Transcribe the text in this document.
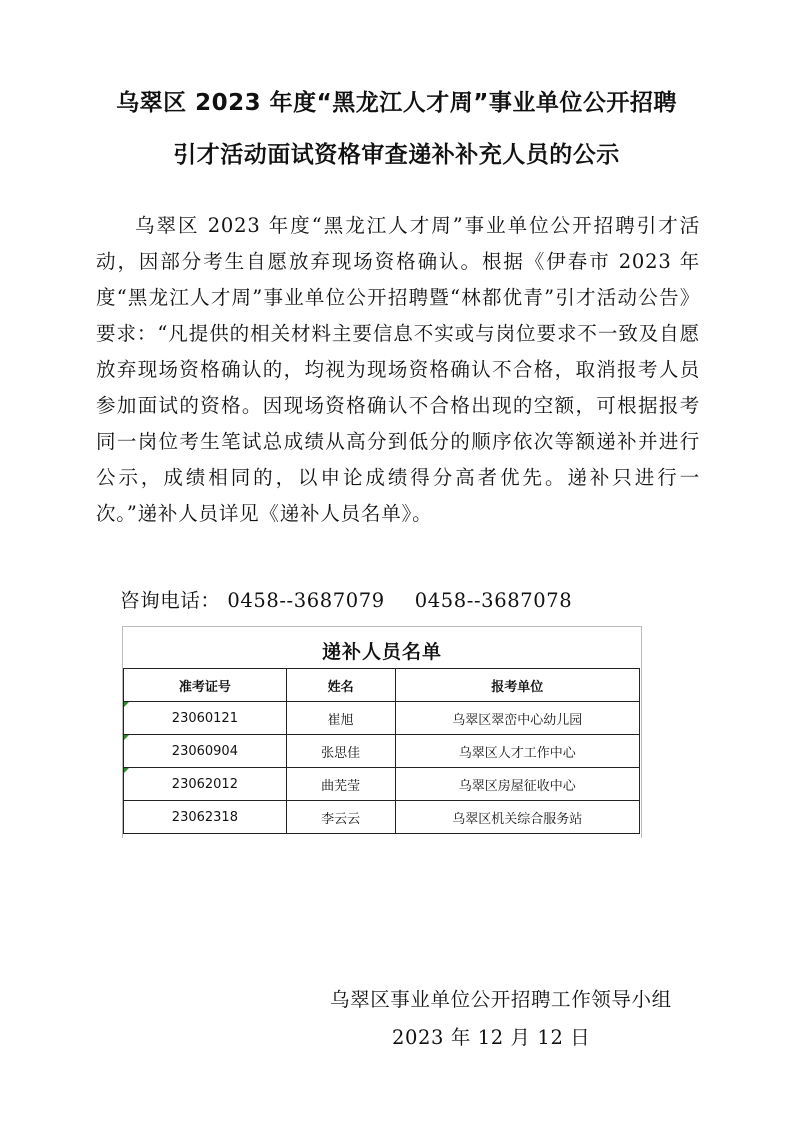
乌翠区 2023 年度“黑龙江人才周”事业单位公开招聘
引才活动面试资格审查递补补充人员的公示

乌翠区 2023 年度“黑龙江人才周”事业单位公开招聘引才活动，因部分考生自愿放弃现场资格确认。根据《伊春市 2023 年度“黑龙江人才周”事业单位公开招聘暨“林都优青”引才活动公告》要求：“凡提供的相关材料主要信息不实或与岗位要求不一致及自愿放弃现场资格确认的，均视为现场资格确认不合格，取消报考人员参加面试的资格。因现场资格确认不合格出现的空额，可根据报考同一岗位考生笔试总成绩从高分到低分的顺序依次等额递补并进行公示，成绩相同的，以申论成绩得分高者优先。递补只进行一次。”递补人员详见《递补人员名单》。

咨询电话： 0458--3687079 0458--3687078
递补人员名单
准考证号	姓名	报考单位
23060121	崔旭	乌翠区翠峦中心幼儿园
23060904	张思佳	乌翠区人才工作中心
23062012	曲芜莹	乌翠区房屋征收中心
23062318	李云云	乌翠区机关综合服务站
乌翠区事业单位公开招聘工作领导小组
2023 年 12 月 12 日
